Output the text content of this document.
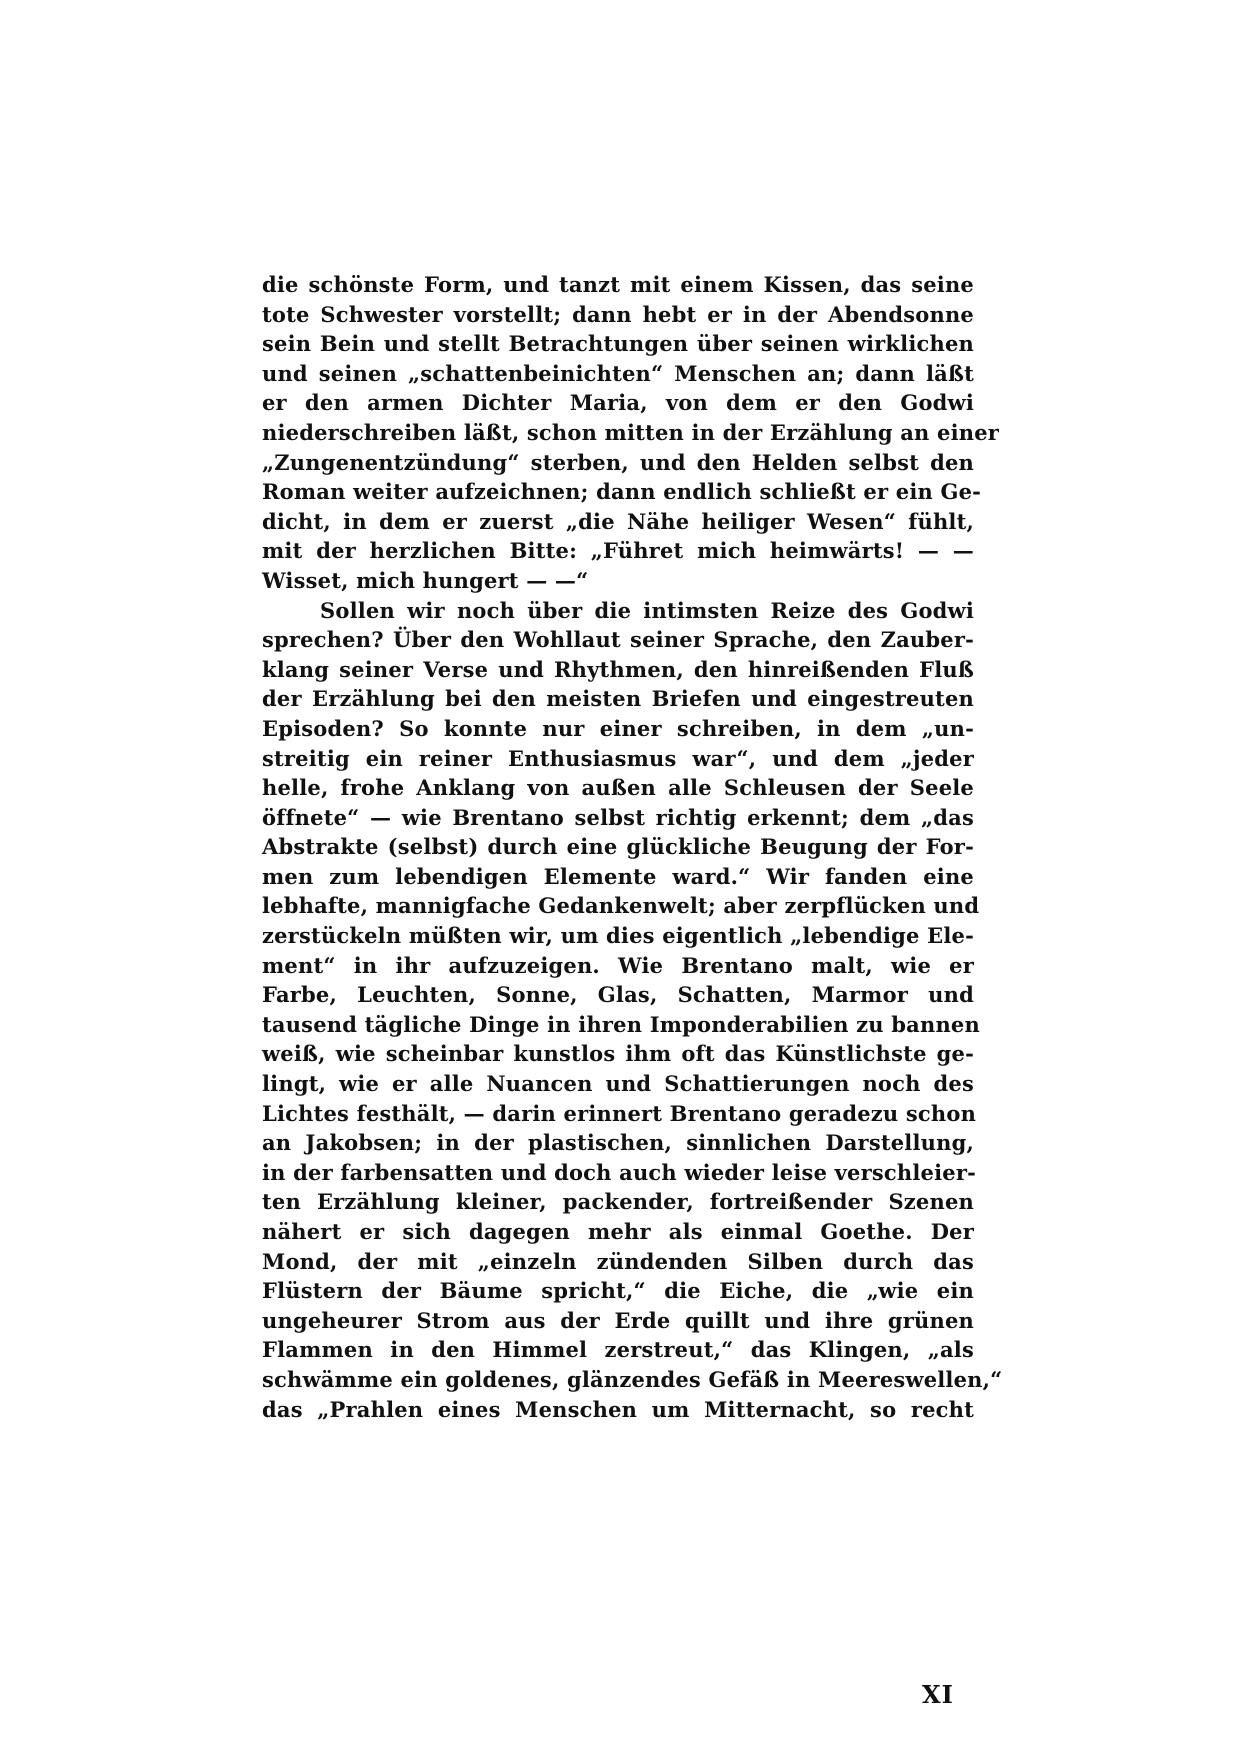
die schönste Form, und tanzt mit einem Kissen, das seine
tote Schwester vorstellt; dann hebt er in der Abendsonne
sein Bein und stellt Betrachtungen über seinen wirklichen
und seinen „schattenbeinichten“ Menschen an; dann läßt
er den armen Dichter Maria, von dem er den Godwi
niederschreiben läßt, schon mitten in der Erzählung an einer
„Zungenentzündung“ sterben, und den Helden selbst den
Roman weiter aufzeichnen; dann endlich schließt er ein Ge-
dicht, in dem er zuerst „die Nähe heiliger Wesen“ fühlt,
mit der herzlichen Bitte: „Führet mich heimwärts! — —
Wisset, mich hungert — —“
Sollen wir noch über die intimsten Reize des Godwi
sprechen? Über den Wohllaut seiner Sprache, den Zauber-
klang seiner Verse und Rhythmen, den hinreißenden Fluß
der Erzählung bei den meisten Briefen und eingestreuten
Episoden? So konnte nur einer schreiben, in dem „un-
streitig ein reiner Enthusiasmus war“, und dem „jeder
helle, frohe Anklang von außen alle Schleusen der Seele
öffnete“ — wie Brentano selbst richtig erkennt; dem „das
Abstrakte (selbst) durch eine glückliche Beugung der For-
men zum lebendigen Elemente ward.“ Wir fanden eine
lebhafte, mannigfache Gedankenwelt; aber zerpflücken und
zerstückeln müßten wir, um dies eigentlich „lebendige Ele-
ment“ in ihr aufzuzeigen. Wie Brentano malt, wie er
Farbe, Leuchten, Sonne, Glas, Schatten, Marmor und
tausend tägliche Dinge in ihren Imponderabilien zu bannen
weiß, wie scheinbar kunstlos ihm oft das Künstlichste ge-
lingt, wie er alle Nuancen und Schattierungen noch des
Lichtes festhält, — darin erinnert Brentano geradezu schon
an Jakobsen; in der plastischen, sinnlichen Darstellung,
in der farbensatten und doch auch wieder leise verschleier-
ten Erzählung kleiner, packender, fortreißender Szenen
nähert er sich dagegen mehr als einmal Goethe. Der
Mond, der mit „einzeln zündenden Silben durch das
Flüstern der Bäume spricht,“ die Eiche, die „wie ein
ungeheurer Strom aus der Erde quillt und ihre grünen
Flammen in den Himmel zerstreut,“ das Klingen, „als
schwämme ein goldenes, glänzendes Gefäß in Meereswellen,“
das „Prahlen eines Menschen um Mitternacht, so recht
XI
